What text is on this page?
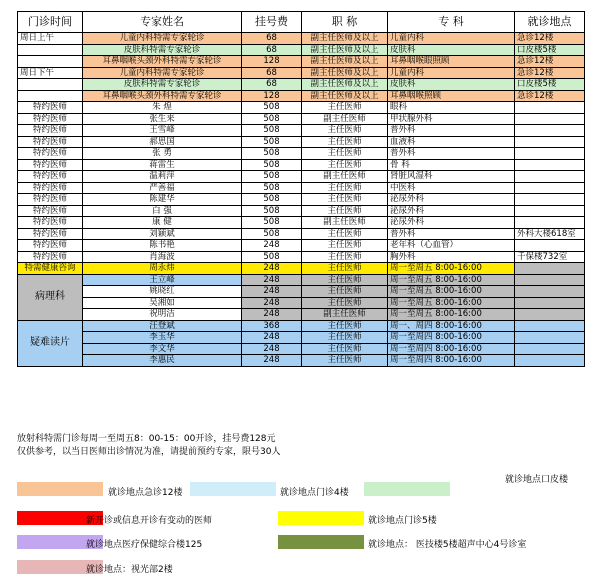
门诊时间	专家姓名	挂号费	职 称	专 科	就诊地点
周日上午	儿童内科特需专家轮诊	68	副主任医师及以上	儿童内科	急诊12楼
	皮肤科特需专家轮诊	68	副主任医师及以上	皮肤科	口皮楼5楼
	耳鼻咽喉头颈外科特需专家轮诊	128	副主任医师及以上	耳鼻咽喉眼照顾	急诊12楼
周日下午	儿童内科特需专家轮诊	68	副主任医师及以上	儿童内科	急诊12楼
	皮肤科特需专家轮诊	68	副主任医师及以上	皮肤科	口皮楼5楼
	耳鼻咽喉头颈外科特需专家轮诊	128	副主任医师及以上	耳鼻咽喉照顾	急诊12楼
特约医师	朱 煌	508	主任医师	眼科	
特约医师	张生来	508	副主任医师	甲状腺外科	
特约医师	王雪峰	508	主任医师	普外科	
特约医师	郝思国	508	主任医师	血液科	
特约医师	张 勇	508	主任医师	普外科	
特约医师	蒋雷生	508	主任医师	骨 科	
特约医师	温莉萍	508	副主任医师	肾脏风湿科	
特约医师	严善福	508	主任医师	中医科	
特约医师	陈建华	508	主任医师	泌尿外科	
特约医师	白 强	508	主任医师	泌尿外科	
特约医师	康 健	508	副主任医师	泌尿外科	
特约医师	刘颖斌	508	主任医师	普外科	外科大楼618室
特约医师	陈书艳	248	主任医师	老年科（心血管）	
特约医师	肖海波	508	主任医师	胸外科	千保楼732室
特需健康咨询	周永炜	248	主任医师	周一至周五 8:00-16:00	
病理科	王立峰	248	主任医师	周一至周五 8:00-16:00	
	姚晓红	248	主任医师	周一至周五 8:00-16:00	
	吴湘如	248	主任医师	周一至周五 8:00-16:00	
	祝明洁	248	副主任医师	周一至周五 8:00-16:00	
疑难读片	汪登斌	368	主任医师	周一、周四 8:00-16:00	
	李玉华	248	主任医师	周一至周四 8:00-16:00	
	李文华	248	主任医师	周一至周四 8:00-16:00	
	李惠民	248	主任医师	周一至周四 8:00-16:00	
放射科特需门诊每周一至周五8：00-15：00开诊，挂号费128元
仅供参考，以当日医师出诊情况为准，请提前预约专家，限号30人
就诊地点急诊12楼	就诊地点门诊4楼
就诊地点口皮楼
新开诊或信息开诊有变动的医师	就诊地点门诊5楼
就诊地点医疗保健综合楼125	就诊地点： 医技楼5楼超声中心4号诊室
就诊地点：视光部2楼
